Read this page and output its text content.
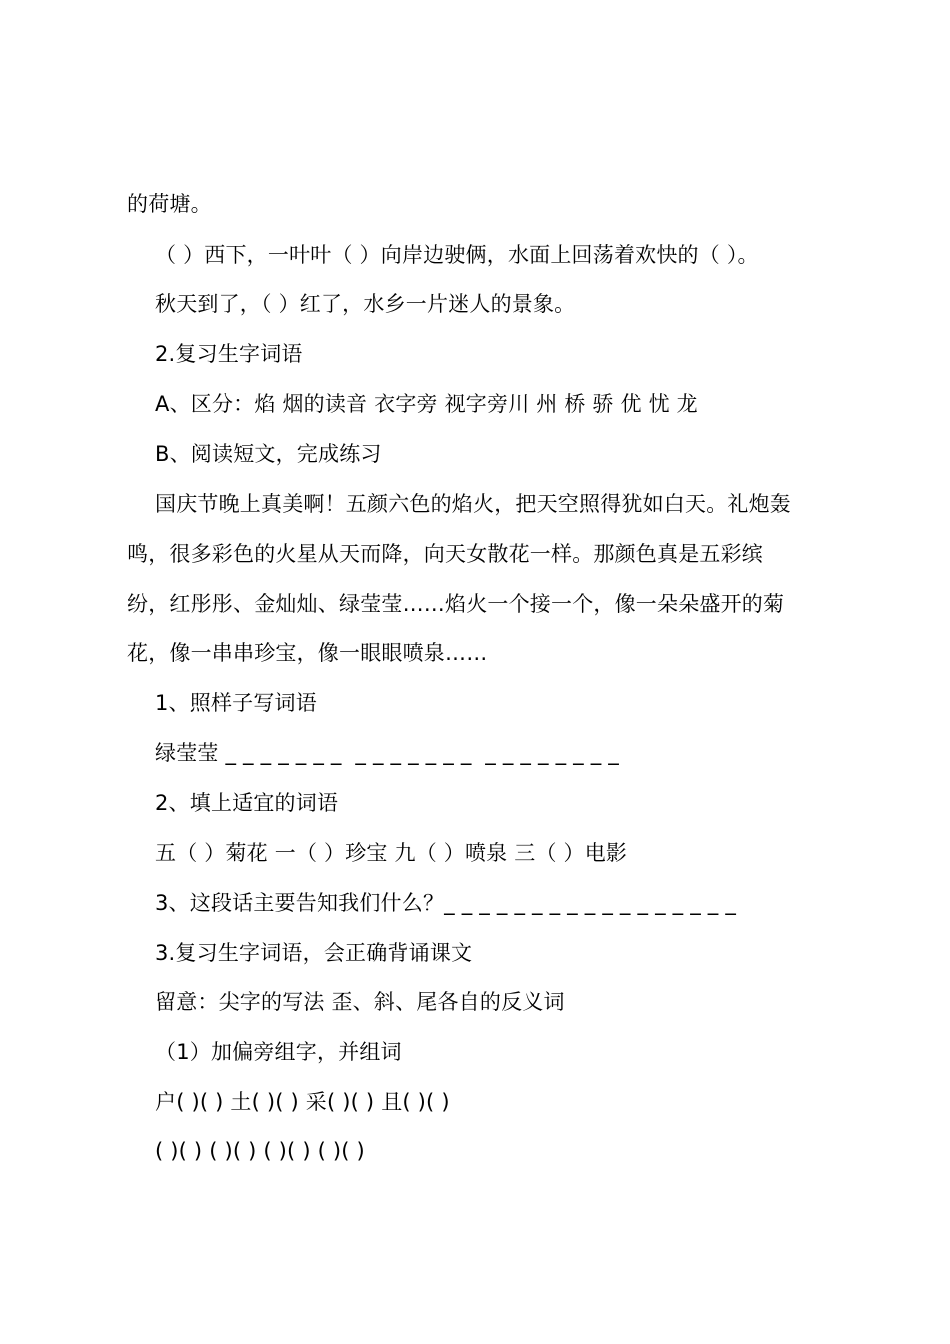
的荷塘。
（ ）西下，一叶叶（ ）向岸边驶俩，水面上回荡着欢快的（ ）。
秋天到了，（ ）红了，水乡一片迷人的景象。
2.复习生字词语
A、区分：焰 烟的读音 衣字旁 视字旁川 州 桥 骄 优 忧 龙
B、阅读短文，完成练习
国庆节晚上真美啊！五颜六色的焰火，把天空照得犹如白天。礼炮轰
鸣，很多彩色的火星从天而降，向天女散花一样。那颜色真是五彩缤
纷，红彤彤、金灿灿、绿莹莹……焰火一个接一个，像一朵朵盛开的菊
花，像一串串珍宝，像一眼眼喷泉……
1、照样子写词语
绿莹莹 _ _ _ _ _ _ _  _ _ _ _ _ _ _  _ _ _ _ _ _ _ _
2、填上适宜的词语
五（ ）菊花 一（ ）珍宝 九（ ）喷泉 三（ ）电影
3、这段话主要告知我们什么？_ _ _ _ _ _ _ _ _ _ _ _ _ _ _ _ _
3.复习生字词语，会正确背诵课文
留意：尖字的写法 歪、斜、尾各自的反义词
（1）加偏旁组字，并组词
户( )( ) 土( )( ) 采( )( ) 且( )( )
( )( ) ( )( ) ( )( ) ( )( )
